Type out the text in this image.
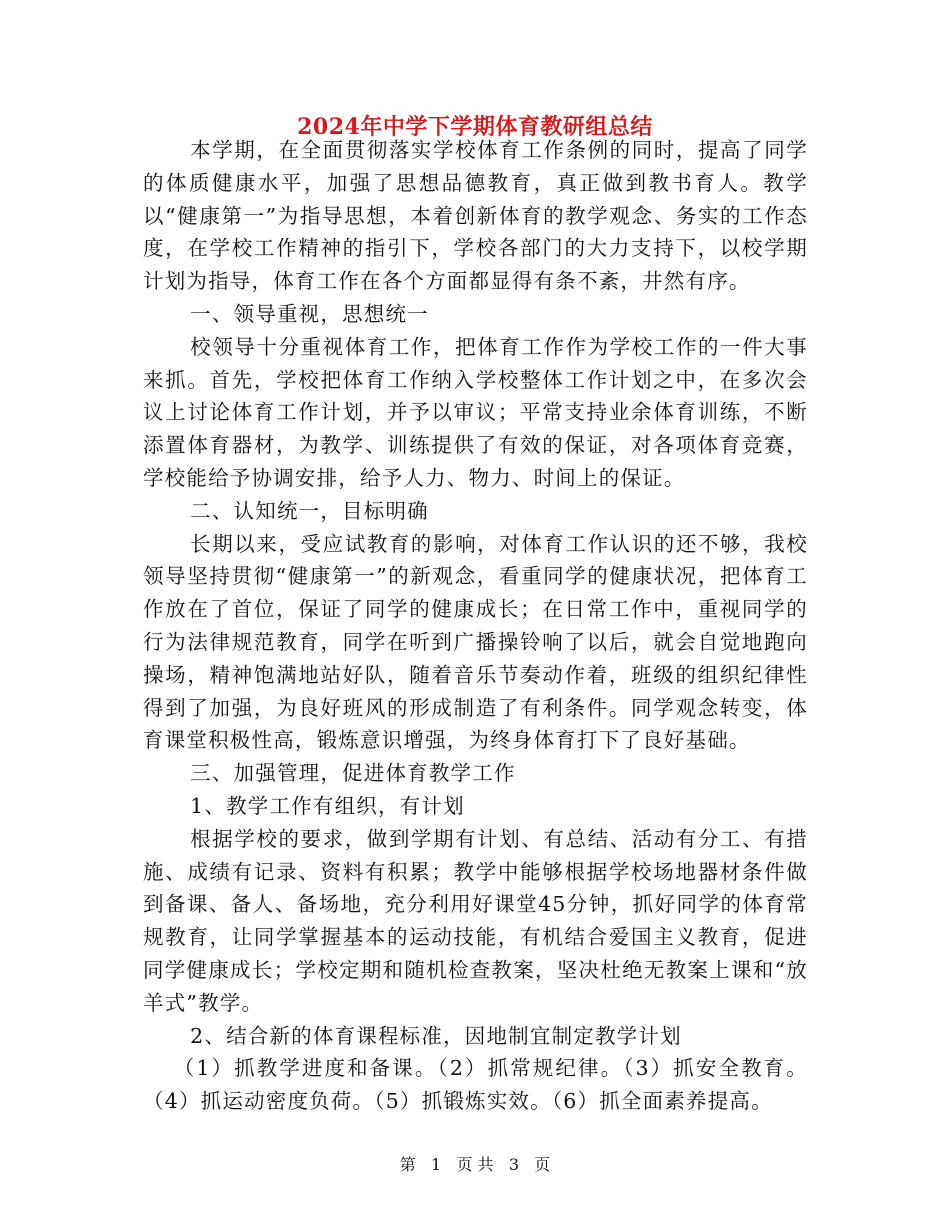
2024年中学下学期体育教研组总结

本学期，在全面贯彻落实学校体育工作条例的同时，提高了同学的体质健康水平，加强了思想品德教育，真正做到教书育人。教学以“健康第一”为指导思想，本着创新体育的教学观念、务实的工作态度，在学校工作精神的指引下，学校各部门的大力支持下，以校学期计划为指导，体育工作在各个方面都显得有条不紊，井然有序。

一、领导重视，思想统一

校领导十分重视体育工作，把体育工作作为学校工作的一件大事来抓。首先，学校把体育工作纳入学校整体工作计划之中，在多次会议上讨论体育工作计划，并予以审议；平常支持业余体育训练，不断添置体育器材，为教学、训练提供了有效的保证，对各项体育竞赛，学校能给予协调安排，给予人力、物力、时间上的保证。

二、认知统一，目标明确

长期以来，受应试教育的影响，对体育工作认识的还不够，我校领导坚持贯彻“健康第一”的新观念，看重同学的健康状况，把体育工作放在了首位，保证了同学的健康成长；在日常工作中，重视同学的行为法律规范教育，同学在听到广播操铃响了以后，就会自觉地跑向操场，精神饱满地站好队，随着音乐节奏动作着，班级的组织纪律性得到了加强，为良好班风的形成制造了有利条件。同学观念转变，体育课堂积极性高，锻炼意识增强，为终身体育打下了良好基础。

三、加强管理，促进体育教学工作

1、教学工作有组织，有计划

根据学校的要求，做到学期有计划、有总结、活动有分工、有措施、成绩有记录、资料有积累；教学中能够根据学校场地器材条件做到备课、备人、备场地，充分利用好课堂45分钟，抓好同学的体育常规教育，让同学掌握基本的运动技能，有机结合爱国主义教育，促进同学健康成长；学校定期和随机检查教案，坚决杜绝无教案上课和“放羊式”教学。

2、结合新的体育课程标准，因地制宜制定教学计划

（1）抓教学进度和备课。（2）抓常规纪律。（3）抓安全教育。（4）抓运动密度负荷。（5）抓锻炼实效。（6）抓全面素养提高。

第 1 页 共 3 页
